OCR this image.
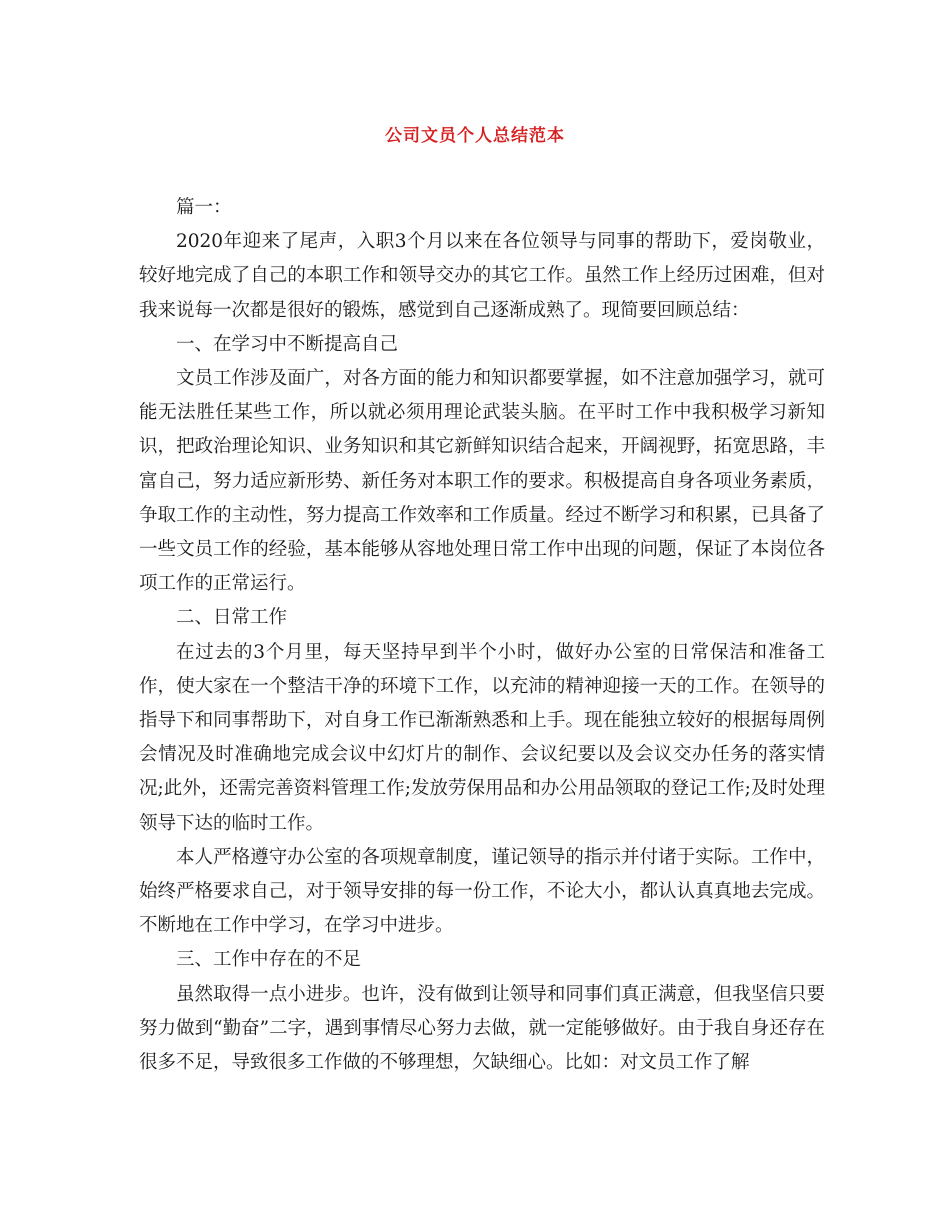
公司文员个人总结范本

篇一：

2020年迎来了尾声，入职3个月以来在各位领导与同事的帮助下，爱岗敬业，较好地完成了自己的本职工作和领导交办的其它工作。虽然工作上经历过困难，但对我来说每一次都是很好的锻炼，感觉到自己逐渐成熟了。现简要回顾总结：

一、在学习中不断提高自己

文员工作涉及面广，对各方面的能力和知识都要掌握，如不注意加强学习，就可能无法胜任某些工作，所以就必须用理论武装头脑。在平时工作中我积极学习新知识，把政治理论知识、业务知识和其它新鲜知识结合起来，开阔视野，拓宽思路，丰富自己，努力适应新形势、新任务对本职工作的要求。积极提高自身各项业务素质，争取工作的主动性，努力提高工作效率和工作质量。经过不断学习和积累，已具备了一些文员工作的经验，基本能够从容地处理日常工作中出现的问题，保证了本岗位各项工作的正常运行。

二、日常工作

在过去的3个月里，每天坚持早到半个小时，做好办公室的日常保洁和准备工作，使大家在一个整洁干净的环境下工作，以充沛的精神迎接一天的工作。在领导的指导下和同事帮助下，对自身工作已渐渐熟悉和上手。现在能独立较好的根据每周例会情况及时准确地完成会议中幻灯片的制作、会议纪要以及会议交办任务的落实情况;此外，还需完善资料管理工作;发放劳保用品和办公用品领取的登记工作;及时处理领导下达的临时工作。

本人严格遵守办公室的各项规章制度，谨记领导的指示并付诸于实际。工作中，始终严格要求自己，对于领导安排的每一份工作，不论大小，都认认真真地去完成。不断地在工作中学习，在学习中进步。

三、工作中存在的不足

虽然取得一点小进步。也许，没有做到让领导和同事们真正满意，但我坚信只要努力做到“勤奋”二字，遇到事情尽心努力去做，就一定能够做好。由于我自身还存在很多不足，导致很多工作做的不够理想，欠缺细心。比如：对文员工作了解
